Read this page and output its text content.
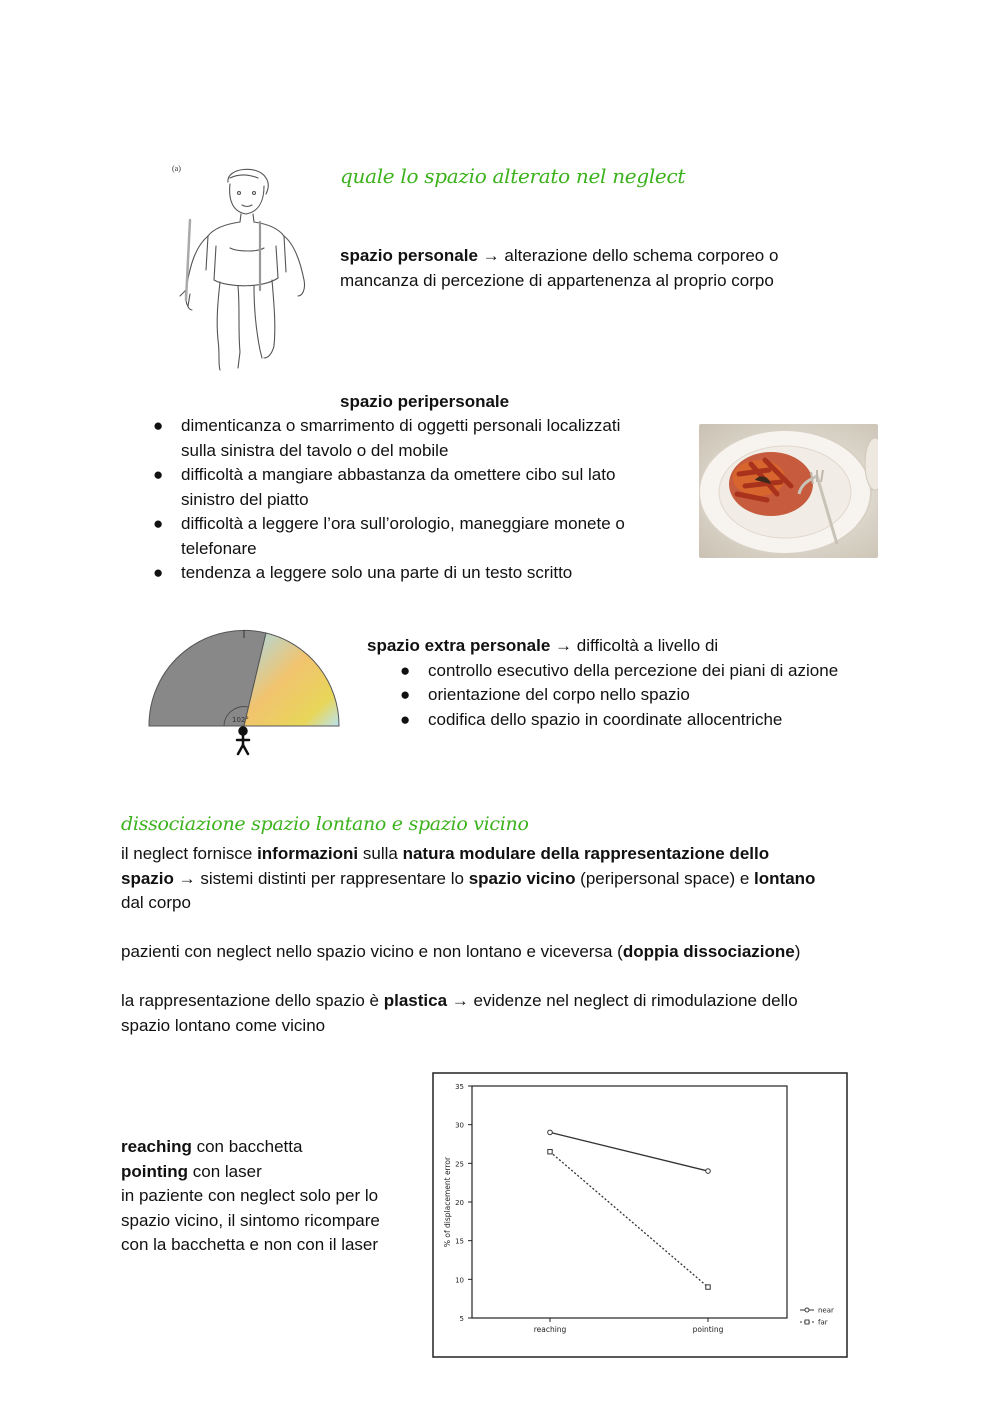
(a)	quale lo spazio alterato nel neglect
spazio personale → alterazione dello schema corporeo o
mancanza di percezione di appartenenza al proprio corpo
spazio peripersonale
● dimenticanza o smarrimento di oggetti personali localizzati
sulla sinistra del tavolo o del mobile
● difficoltà a mangiare abbastanza da omettere cibo sul lato
sinistro del piatto
● difficoltà a leggere l’ora sull’orologio, maneggiare monete o
telefonare
● tendenza a leggere solo una parte di un testo scritto
102°
spazio extra personale → difficoltà a livello di
● controllo esecutivo della percezione dei piani di azione
● orientazione del corpo nello spazio
● codifica dello spazio in coordinate allocentriche
dissociazione spazio lontano e spazio vicino
il neglect fornisce informazioni sulla natura modulare della rappresentazione dello
spazio → sistemi distinti per rappresentare lo spazio vicino (peripersonal space) e lontano
dal corpo
pazienti con neglect nello spazio vicino e non lontano e viceversa (doppia dissociazione)
la rappresentazione dello spazio è plastica → evidenze nel neglect di rimodulazione dello
spazio lontano come vicino
reaching con bacchetta
pointing con laser
in paziente con neglect solo per lo
spazio vicino, il sintomo ricompare
con la bacchetta e non con il laser
5
10
15
20
25
30
35
% of displacement error
reaching	pointing
near
far
